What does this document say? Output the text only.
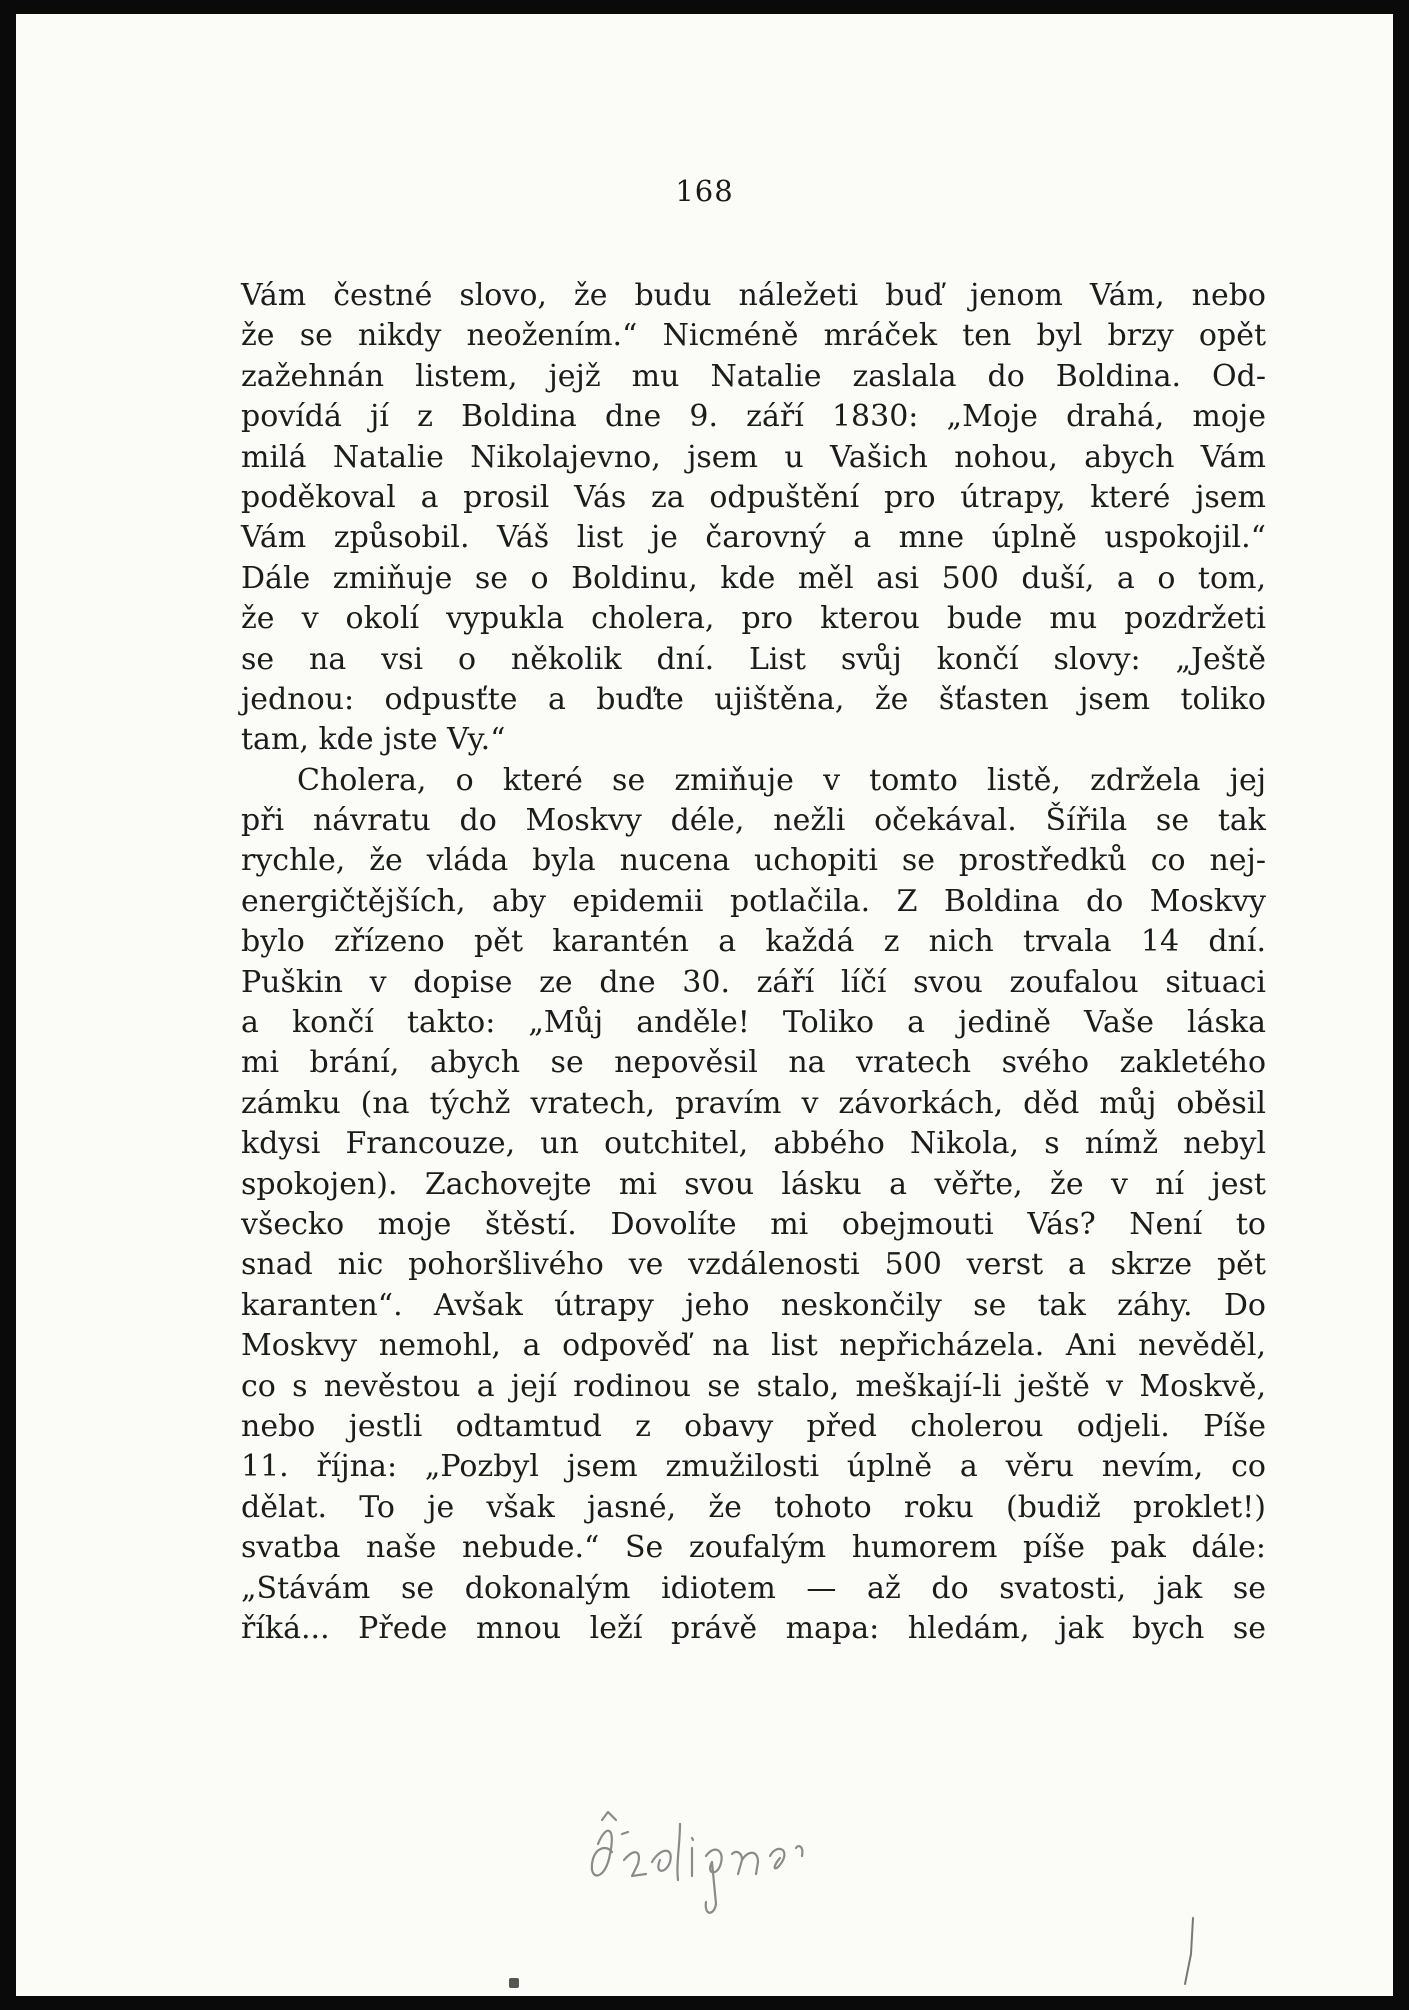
168

Vám čestné slovo, že budu náležeti buď jenom Vám, nebo
že se nikdy neožením.“ Nicméně mráček ten byl brzy opět
zažehnán listem, jejž mu Natalie zaslala do Boldina. Od-
povídá jí z Boldina dne 9. září 1830: „Moje drahá, moje
milá Natalie Nikolajevno, jsem u Vašich nohou, abych Vám
poděkoval a prosil Vás za odpuštění pro útrapy, které jsem
Vám způsobil. Váš list je čarovný a mne úplně uspokojil.“
Dále zmiňuje se o Boldinu, kde měl asi 500 duší, a o tom,
že v okolí vypukla cholera, pro kterou bude mu pozdržeti
se na vsi o několik dní. List svůj končí slovy: „Ještě
jednou: odpusťte a buďte ujištěna, že šťasten jsem toliko
tam, kde jste Vy.“
Cholera, o které se zmiňuje v tomto listě, zdržela jej
při návratu do Moskvy déle, nežli očekával. Šířila se tak
rychle, že vláda byla nucena uchopiti se prostředků co nej-
energičtějších, aby epidemii potlačila. Z Boldina do Moskvy
bylo zřízeno pět karantén a každá z nich trvala 14 dní.
Puškin v dopise ze dne 30. září líčí svou zoufalou situaci
a končí takto: „Můj anděle! Toliko a jedině Vaše láska
mi brání, abych se nepověsil na vratech svého zakletého
zámku (na týchž vratech, pravím v závorkách, děd můj oběsil
kdysi Francouze, un outchitel, abbého Nikola, s nímž nebyl
spokojen). Zachovejte mi svou lásku a věřte, že v ní jest
všecko moje štěstí. Dovolíte mi obejmouti Vás? Není to
snad nic pohoršlivého ve vzdálenosti 500 verst a skrze pět
karanten“. Avšak útrapy jeho neskončily se tak záhy. Do
Moskvy nemohl, a odpověď na list nepřicházela. Ani nevěděl,
co s nevěstou a její rodinou se stalo, meškají-li ještě v Moskvě,
nebo jestli odtamtud z obavy před cholerou odjeli. Píše
11. října: „Pozbyl jsem zmužilosti úplně a věru nevím, co
dělat. To je však jasné, že tohoto roku (budiž proklet!)
svatba naše nebude.“ Se zoufalým humorem píše pak dále:
„Stávám se dokonalým idiotem — až do svatosti, jak se
říká... Přede mnou leží právě mapa: hledám, jak bych se
